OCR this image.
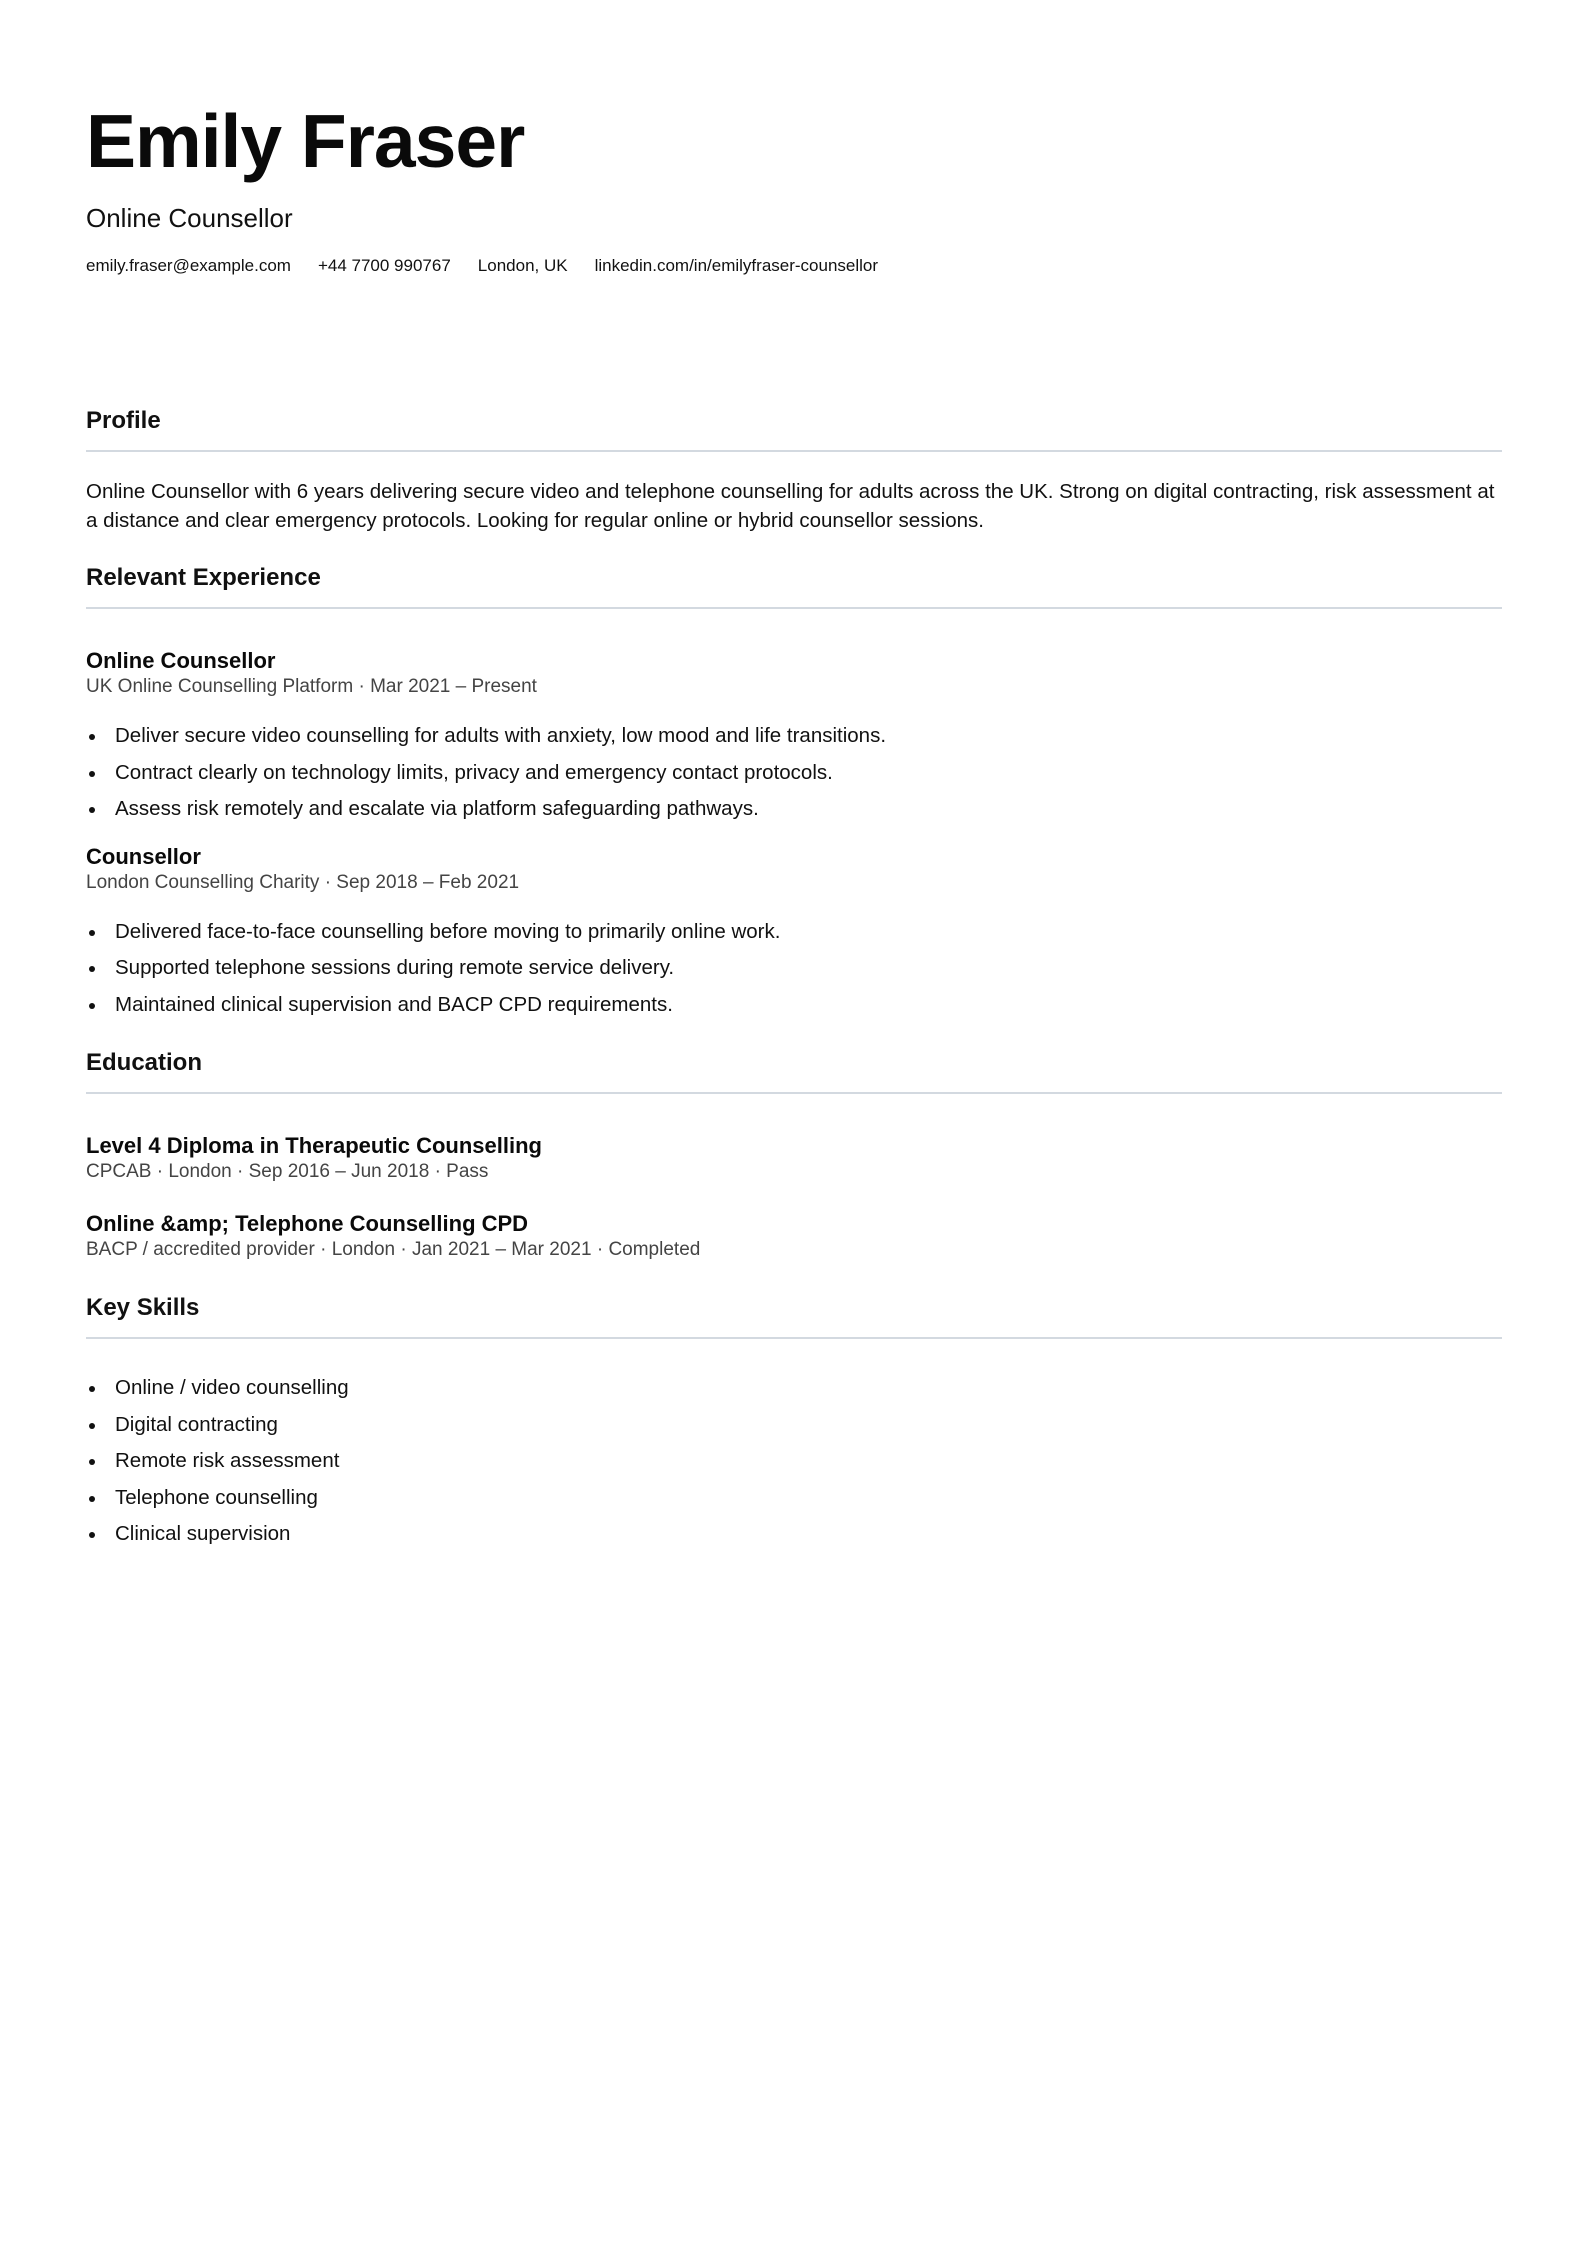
Emily Fraser
Online Counsellor
emily.fraser@example.com +44 7700 990767 London, UK linkedin.com/in/emilyfraser-counsellor
Profile

Online Counsellor with 6 years delivering secure video and telephone counselling for adults across the UK. Strong on digital contracting, risk assessment at a distance and clear emergency protocols. Looking for regular online or hybrid counsellor sessions.

Relevant Experience
Online Counsellor
UK Online Counselling Platform · Mar 2021 – Present
Deliver secure video counselling for adults with anxiety, low mood and life transitions.
Contract clearly on technology limits, privacy and emergency contact protocols.
Assess risk remotely and escalate via platform safeguarding pathways.
Counsellor
London Counselling Charity · Sep 2018 – Feb 2021
Delivered face-to-face counselling before moving to primarily online work.
Supported telephone sessions during remote service delivery.
Maintained clinical supervision and BACP CPD requirements.
Education
Level 4 Diploma in Therapeutic Counselling
CPCAB · London · Sep 2016 – Jun 2018 · Pass
Online &amp; Telephone Counselling CPD
BACP / accredited provider · London · Jan 2021 – Mar 2021 · Completed
Key Skills
Online / video counselling
Digital contracting
Remote risk assessment
Telephone counselling
Clinical supervision
